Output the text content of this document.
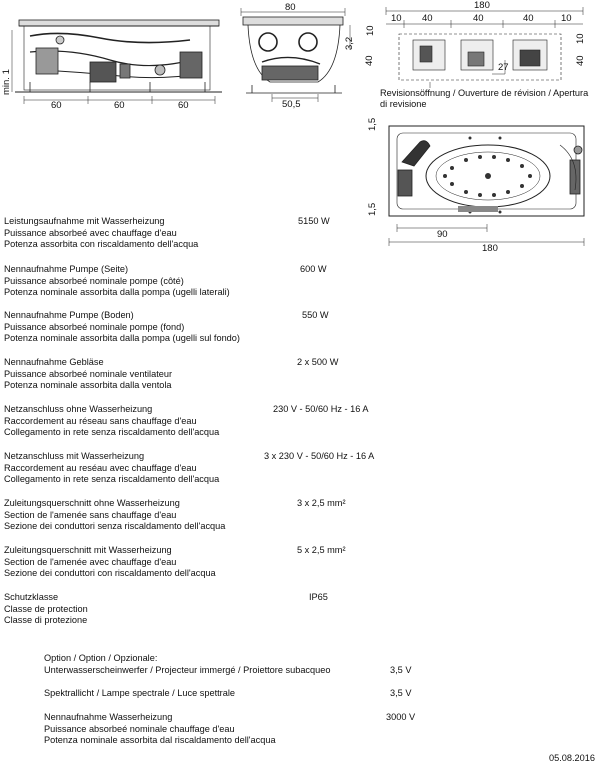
min. 1
60	60	60
80
3,2
50,5
180
10 40	40	40	10
10
40
10
40
27
1,5
1,5
90
180
Revisionsöffnung / Ouverture de révision / Apertura di revisione
Leistungsaufnahme mit Wasserheizung
Puissance absorbeé avec chauffage d'eau
Potenza assorbita con riscaldamento dell'acqua
5150 W
Nennaufnahme Pumpe (Seite)
Puissance absorbeé nominale pompe (côté)
Potenza nominale assorbita dalla pompa (ugelli laterali)
600 W
Nennaufnahme Pumpe (Boden)
Puissance absorbeé nominale pompe (fond)
Potenza nominale assorbita dalla pompa (ugelli sul fondo)
550 W
Nennaufnahme Gebläse
Puissance absorbeé nominale ventilateur
Potenza nominale assorbita dalla ventola
2 x 500 W
Netzanschluss ohne Wasserheizung
Raccordement au réseau sans chauffage d'eau
Collegamento in rete senza riscaldamento dell'acqua
230 V - 50/60 Hz - 16 A
Netzanschluss mit Wasserheizung
Raccordement au reséau avec chauffage d'eau
Collegamento in rete senza riscaldamento dell'acqua
3 x 230 V - 50/60 Hz - 16 A
Zuleitungsquerschnitt ohne Wasserheizung
Section de l'amenée sans chauffage d'eau
Sezione dei conduttori senza riscaldamento dell'acqua
3 x 2,5 mm²
Zuleitungsquerschnitt mit Wasserheizung
Section de l'amenée avec chauffage d'eau
Sezione dei conduttori con riscaldamento dell'acqua
5 x 2,5 mm²
Schutzklasse
Classe de protection
Classe di protezione
IP65
Option / Option / Opzionale:
Unterwasserscheinwerfer / Projecteur immergé / Proiettore subacqueo	3,5 V
Spektrallicht / Lampe spectrale / Luce spettrale	3,5 V
Nennaufnahme Wasserheizung
Puissance absorbeé nominale chauffage d'eau
Potenza nominale assorbita dal riscaldamento dell'acqua
3000 V
05.08.2016
